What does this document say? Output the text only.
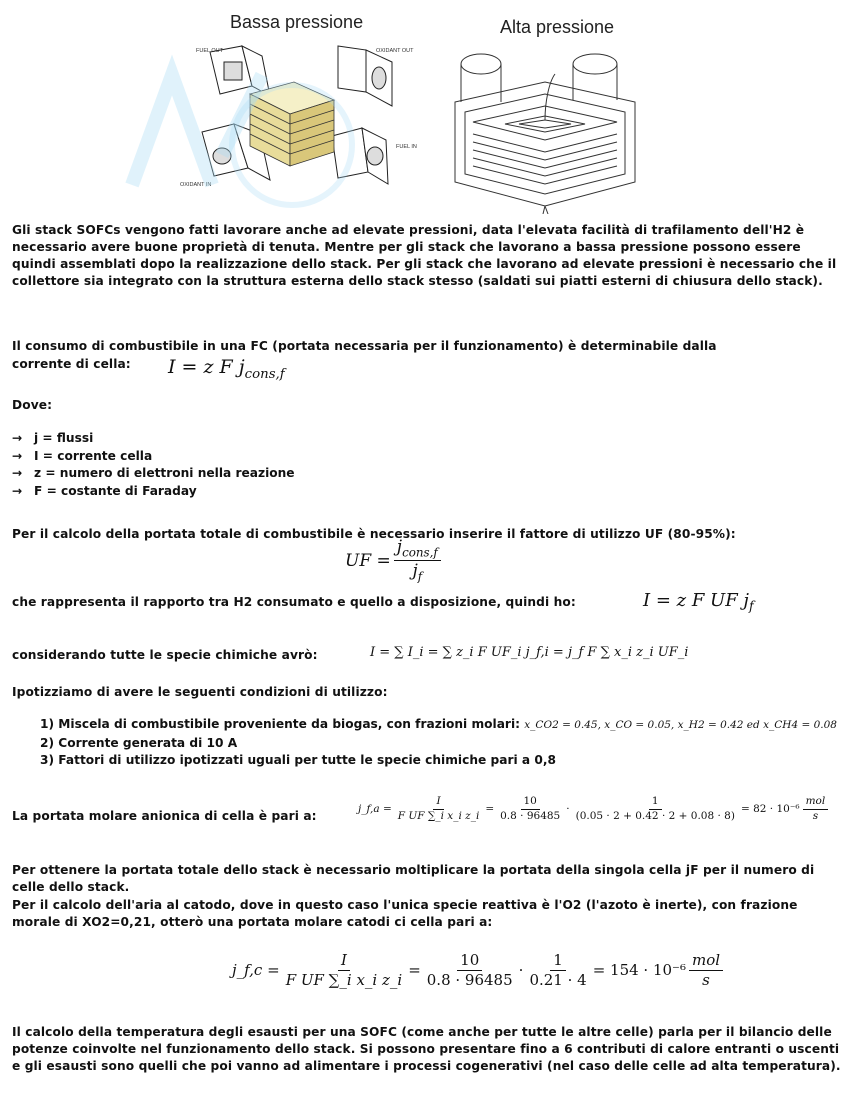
Bassa pressione	Alta pressione
FUEL OUT	OXIDANT OUT
FUEL IN
OXIDANT IN
Gli stack SOFCs vengono fatti lavorare anche ad elevate pressioni, data l'elevata facilità di trafilamento dell'H2 è necessario avere buone proprietà di tenuta. Mentre per gli stack che lavorano a bassa pressione possono essere quindi assemblati dopo la realizzazione dello stack. Per gli stack che lavorano ad elevate pressioni è necessario che il collettore sia integrato con la struttura esterna dello stack stesso (saldati sui piatti esterni di chiusura dello stack).
Il consumo di combustibile in una FC (portata necessaria per il funzionamento) è determinabile dalla
corrente di cella: I = z F $j_{cons,f}$
Dove:
→ j = flussi
→ I = corrente cella
→ z = numero di elettroni nella reazione
→ F = costante di Faraday
Per il calcolo della portata totale di combustibile è necessario inserire il fattore di utilizzo UF (80-95%):
UF = $\frac{j_{cons,f}}{j_f}$
che rappresenta il rapporto tra H2 consumato e quello a disposizione, quindi ho:	I = z F UF $j_f$
considerando tutte le specie chimiche avrò:	I = ∑ I_i = ∑ z_i F UF_i j_f,i = j_f F ∑ x_i z_i UF_i
Ipotizziamo di avere le seguenti condizioni di utilizzo:
1) Miscela di combustibile proveniente da biogas, con frazioni molari: x_CO2 = 0.45, x_CO = 0.05, x_H2 = 0.42 ed x_CH4 = 0.08
2) Corrente generata di 10 A
3) Fattori di utilizzo ipotizzati uguali per tutte le specie chimiche pari a 0,8
La portata molare anionica di cella è pari a:	j_f,a = $\frac{I}{\text{F UF ∑\_i x\_i z\_i}} = \frac{10}{0.8 \cdot 96485} \cdot \frac{1}{(0.05 \cdot 2 + 0.42 \cdot 2 + 0.08 \cdot 8)} = 82 \cdot 10^{-6} \frac{\text{mol}}{s}$
Per ottenere la portata totale dello stack è necessario moltiplicare la portata della singola cella jF per il numero di celle dello stack.
Per il calcolo dell'aria al catodo, dove in questo caso l'unica specie reattiva è l'O2 (l'azoto è inerte), con frazione morale di XO2=0,21, otterò una portata molare catodi ci cella pari a:
j_f,c = $\frac{I}{\text{F UF ∑\_i x\_i z\_i}} = \frac{10}{0.8 \cdot 96485} \cdot \frac{1}{0.21 \cdot 4} = 154 \cdot 10^{-6} \frac{\text{mol}}{s}$
Il calcolo della temperatura degli esausti per una SOFC (come anche per tutte le altre celle) parla per il bilancio delle potenze coinvolte nel funzionamento dello stack. Si possono presentare fino a 6 contributi di calore entranti o uscenti e gli esausti sono quelli che poi vanno ad alimentare i processi cogenerativi (nel caso delle celle ad alta temperatura).
